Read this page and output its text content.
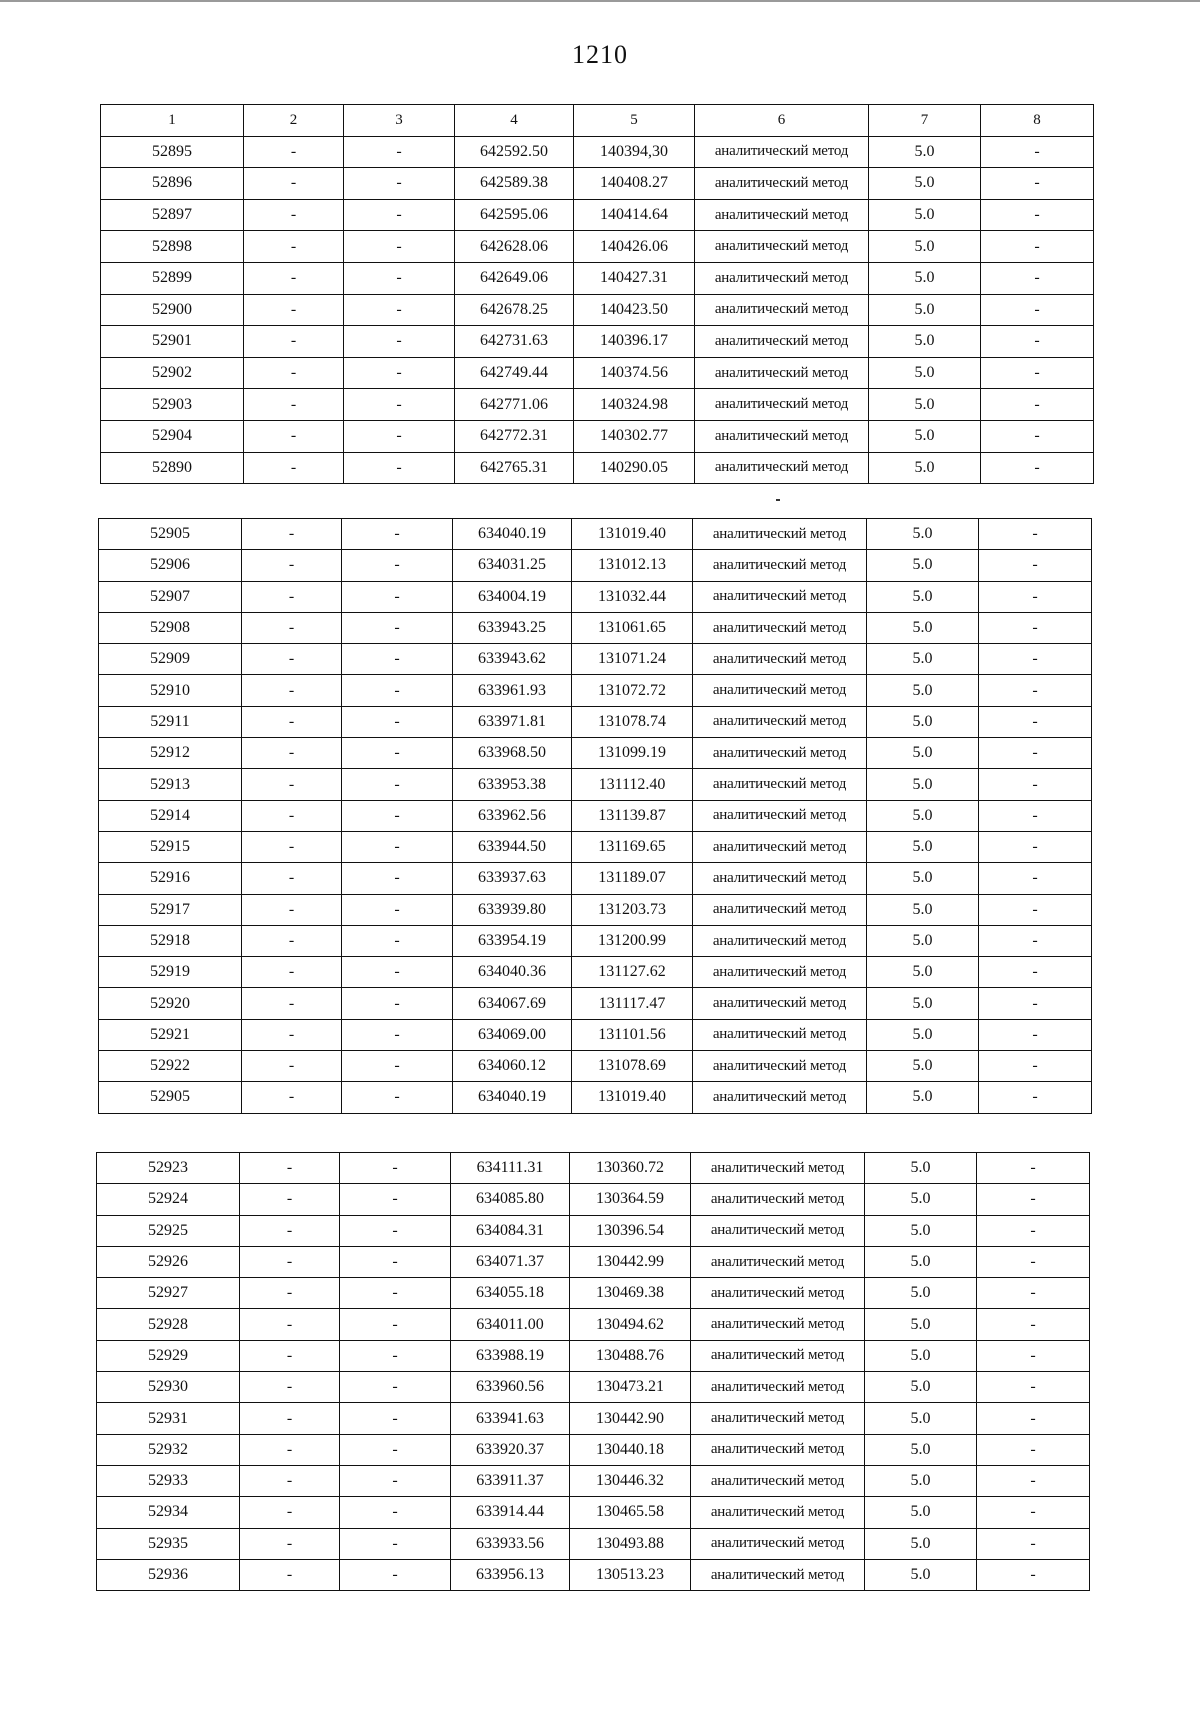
1210
1	2	3	4	5	6	7	8
52895	-	-	642592.50	140394,30	аналитический метод	5.0	-
52896	-	-	642589.38	140408.27	аналитический метод	5.0	-
52897	-	-	642595.06	140414.64	аналитический метод	5.0	-
52898	-	-	642628.06	140426.06	аналитический метод	5.0	-
52899	-	-	642649.06	140427.31	аналитический метод	5.0	-
52900	-	-	642678.25	140423.50	аналитический метод	5.0	-
52901	-	-	642731.63	140396.17	аналитический метод	5.0	-
52902	-	-	642749.44	140374.56	аналитический метод	5.0	-
52903	-	-	642771.06	140324.98	аналитический метод	5.0	-
52904	-	-	642772.31	140302.77	аналитический метод	5.0	-
52890	-	-	642765.31	140290.05	аналитический метод	5.0	-
52905	-	-	634040.19	131019.40	аналитический метод	5.0	-
52906	-	-	634031.25	131012.13	аналитический метод	5.0	-
52907	-	-	634004.19	131032.44	аналитический метод	5.0	-
52908	-	-	633943.25	131061.65	аналитический метод	5.0	-
52909	-	-	633943.62	131071.24	аналитический метод	5.0	-
52910	-	-	633961.93	131072.72	аналитический метод	5.0	-
52911	-	-	633971.81	131078.74	аналитический метод	5.0	-
52912	-	-	633968.50	131099.19	аналитический метод	5.0	-
52913	-	-	633953.38	131112.40	аналитический метод	5.0	-
52914	-	-	633962.56	131139.87	аналитический метод	5.0	-
52915	-	-	633944.50	131169.65	аналитический метод	5.0	-
52916	-	-	633937.63	131189.07	аналитический метод	5.0	-
52917	-	-	633939.80	131203.73	аналитический метод	5.0	-
52918	-	-	633954.19	131200.99	аналитический метод	5.0	-
52919	-	-	634040.36	131127.62	аналитический метод	5.0	-
52920	-	-	634067.69	131117.47	аналитический метод	5.0	-
52921	-	-	634069.00	131101.56	аналитический метод	5.0	-
52922	-	-	634060.12	131078.69	аналитический метод	5.0	-
52905	-	-	634040.19	131019.40	аналитический метод	5.0	-
52923	-	-	634111.31	130360.72	аналитический метод	5.0	-
52924	-	-	634085.80	130364.59	аналитический метод	5.0	-
52925	-	-	634084.31	130396.54	аналитический метод	5.0	-
52926	-	-	634071.37	130442.99	аналитический метод	5.0	-
52927	-	-	634055.18	130469.38	аналитический метод	5.0	-
52928	-	-	634011.00	130494.62	аналитический метод	5.0	-
52929	-	-	633988.19	130488.76	аналитический метод	5.0	-
52930	-	-	633960.56	130473.21	аналитический метод	5.0	-
52931	-	-	633941.63	130442.90	аналитический метод	5.0	-
52932	-	-	633920.37	130440.18	аналитический метод	5.0	-
52933	-	-	633911.37	130446.32	аналитический метод	5.0	-
52934	-	-	633914.44	130465.58	аналитический метод	5.0	-
52935	-	-	633933.56	130493.88	аналитический метод	5.0	-
52936	-	-	633956.13	130513.23	аналитический метод	5.0	-
